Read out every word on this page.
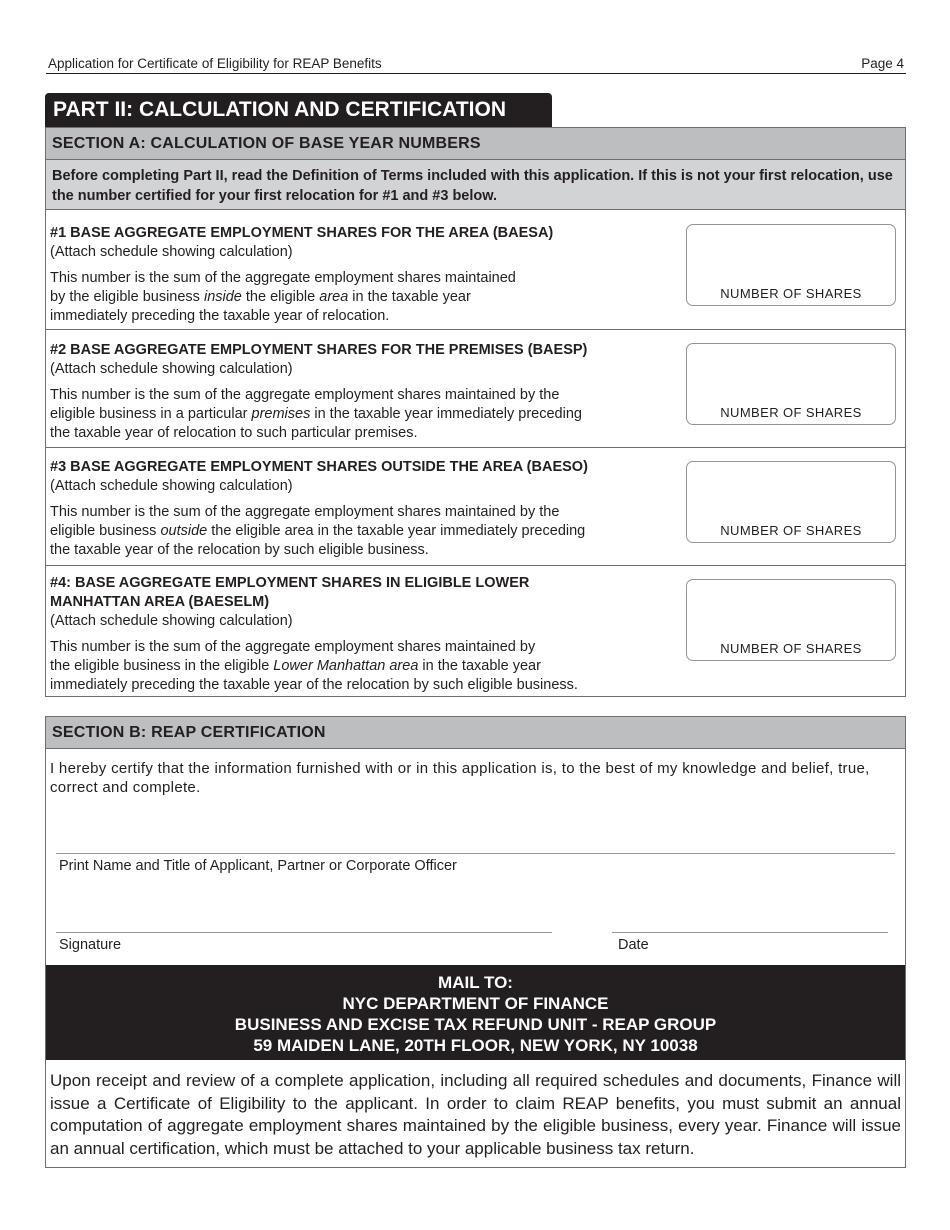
Application for Certificate of Eligibility for REAP Benefits	Page 4
PART II: CALCULATION AND CERTIFICATION
SECTION A: CALCULATION OF BASE YEAR NUMBERS
Before completing Part II, read the Definition of Terms included with this application. If this is not your first relocation, use the number certified for your first relocation for #1 and #3 below.
#1 BASE AGGREGATE EMPLOYMENT SHARES FOR THE AREA (BAESA)
(Attach schedule showing calculation)
This number is the sum of the aggregate employment shares maintained
by the eligible business inside the eligible area in the taxable year
immediately preceding the taxable year of relocation.
NUMBER OF SHARES
#2 BASE AGGREGATE EMPLOYMENT SHARES FOR THE PREMISES (BAESP)
(Attach schedule showing calculation)
This number is the sum of the aggregate employment shares maintained by the
eligible business in a particular premises in the taxable year immediately preceding
the taxable year of relocation to such particular premises.
NUMBER OF SHARES
#3 BASE AGGREGATE EMPLOYMENT SHARES OUTSIDE THE AREA (BAESO)
(Attach schedule showing calculation)
This number is the sum of the aggregate employment shares maintained by the
eligible business outside the eligible area in the taxable year immediately preceding
the taxable year of the relocation by such eligible business.
NUMBER OF SHARES
#4: BASE AGGREGATE EMPLOYMENT SHARES IN ELIGIBLE LOWER
MANHATTAN AREA (BAESELM)
(Attach schedule showing calculation)
This number is the sum of the aggregate employment shares maintained by
the eligible business in the eligible Lower Manhattan area in the taxable year
immediately preceding the taxable year of the relocation by such eligible business.
NUMBER OF SHARES
SECTION B: REAP CERTIFICATION
I hereby certify that the information furnished with or in this application is, to the best of my knowledge and belief, true, correct and complete.
Print Name and Title of Applicant, Partner or Corporate Officer
Signature	Date
MAIL TO:
NYC DEPARTMENT OF FINANCE
BUSINESS AND EXCISE TAX REFUND UNIT - REAP GROUP
59 MAIDEN LANE, 20TH FLOOR, NEW YORK, NY 10038
Upon receipt and review of a complete application, including all required schedules and documents, Finance will issue a Certificate of Eligibility to the applicant. In order to claim REAP benefits, you must submit an annual computation of aggregate employment shares maintained by the eligible business, every year. Finance will issue an annual certification, which must be attached to your applicable business tax return.
